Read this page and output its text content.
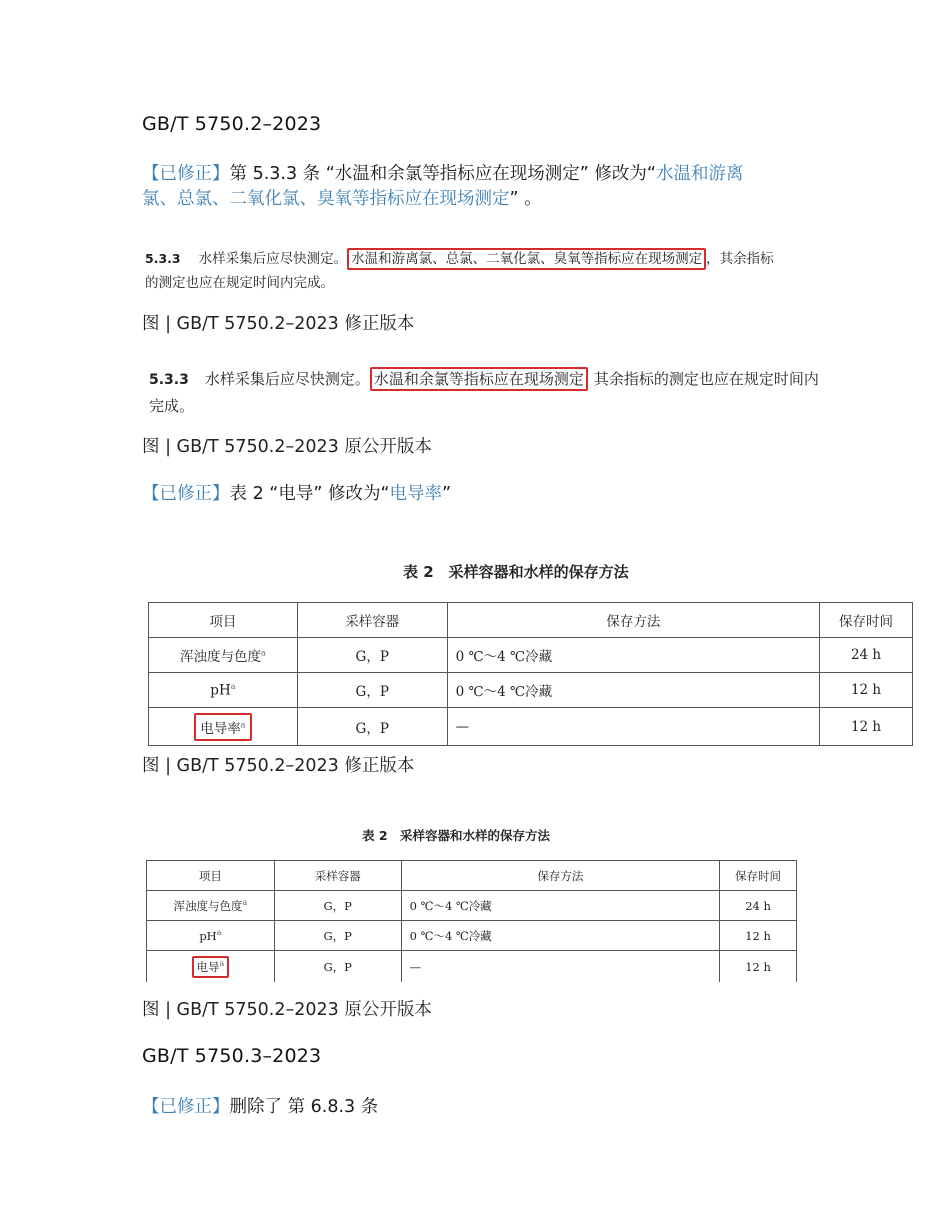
GB/T 5750.2–2023
【已修正】第 5.3.3 条 “水温和余氯等指标应在现场测定” 修改为“水温和游离
氯、总氯、二氧化氯、臭氧等指标应在现场测定” 。
5.3.3 水样采集后应尽快测定。 水温和游离氯、总氯、二氧化氯、臭氧等指标应在现场测定 ，其余指标
的测定也应在规定时间内完成。
图 | GB/T 5750.2–2023 修正版本
5.3.3 水样采集后应尽快测定。 水温和余氯等指标应在现场测定 其余指标的测定也应在规定时间内
完成。
图 | GB/T 5750.2–2023 原公开版本
【已修正】表 2 “电导” 修改为“电导率”
表 2　采样容器和水样的保存方法
项目	采样容器	保存方法	保存时间
浑浊度与色度$^a$	G，P	0 ℃～4 ℃冷藏	24 h
$pH^a$	G，P	0 ℃～4 ℃冷藏	12 h
电导率$^a$	G，P	—	12 h
图 | GB/T 5750.2–2023 修正版本
表 2　采样容器和水样的保存方法
项目	采样容器	保存方法	保存时间
浑浊度与色度$^a$	G，P	0 ℃～4 ℃冷藏	24 h
$pH^a$	G，P	0 ℃～4 ℃冷藏	12 h
电导$^a$	G，P	—	12 h
图 | GB/T 5750.2–2023 原公开版本
GB/T 5750.3–2023
【已修正】删除了 第 6.8.3 条
